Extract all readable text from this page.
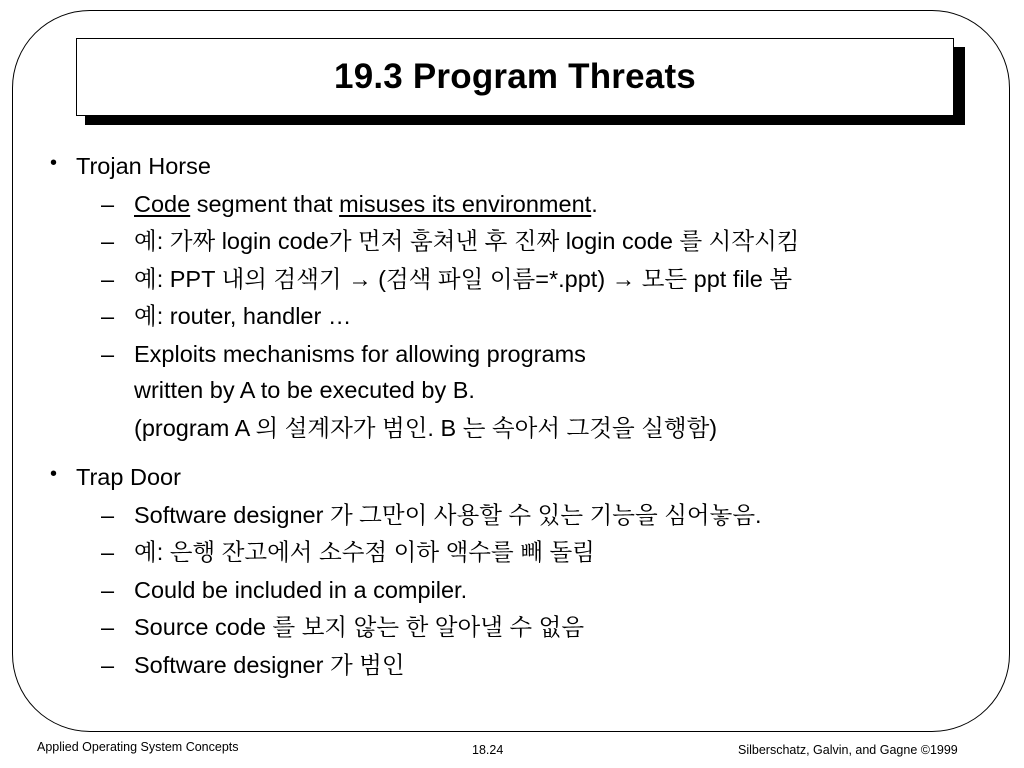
19.3 Program Threats
• Trojan Horse
– Code segment that misuses its environment.
– 예: 가짜 login code가 먼저 훔쳐낸 후 진짜 login code 를 시작시킴
– 예: PPT 내의 검색기 → (검색 파일 이름=*.ppt) → 모든 ppt file 봄
– 예: router, handler …
– Exploits mechanisms for allowing programs
written by A to be executed by B.
(program A 의 설계자가 범인. B 는 속아서 그것을 실행함)
• Trap Door
– Software designer 가 그만이 사용할 수 있는 기능을 심어놓음.
– 예: 은행 잔고에서 소수점 이하 액수를 빼 돌림
– Could be included in a compiler.
– Source code 를 보지 않는 한 알아낼 수 없음
– Software designer 가 범인
Applied Operating System Concepts	18.24	Silberschatz, Galvin, and Gagne ©1999
